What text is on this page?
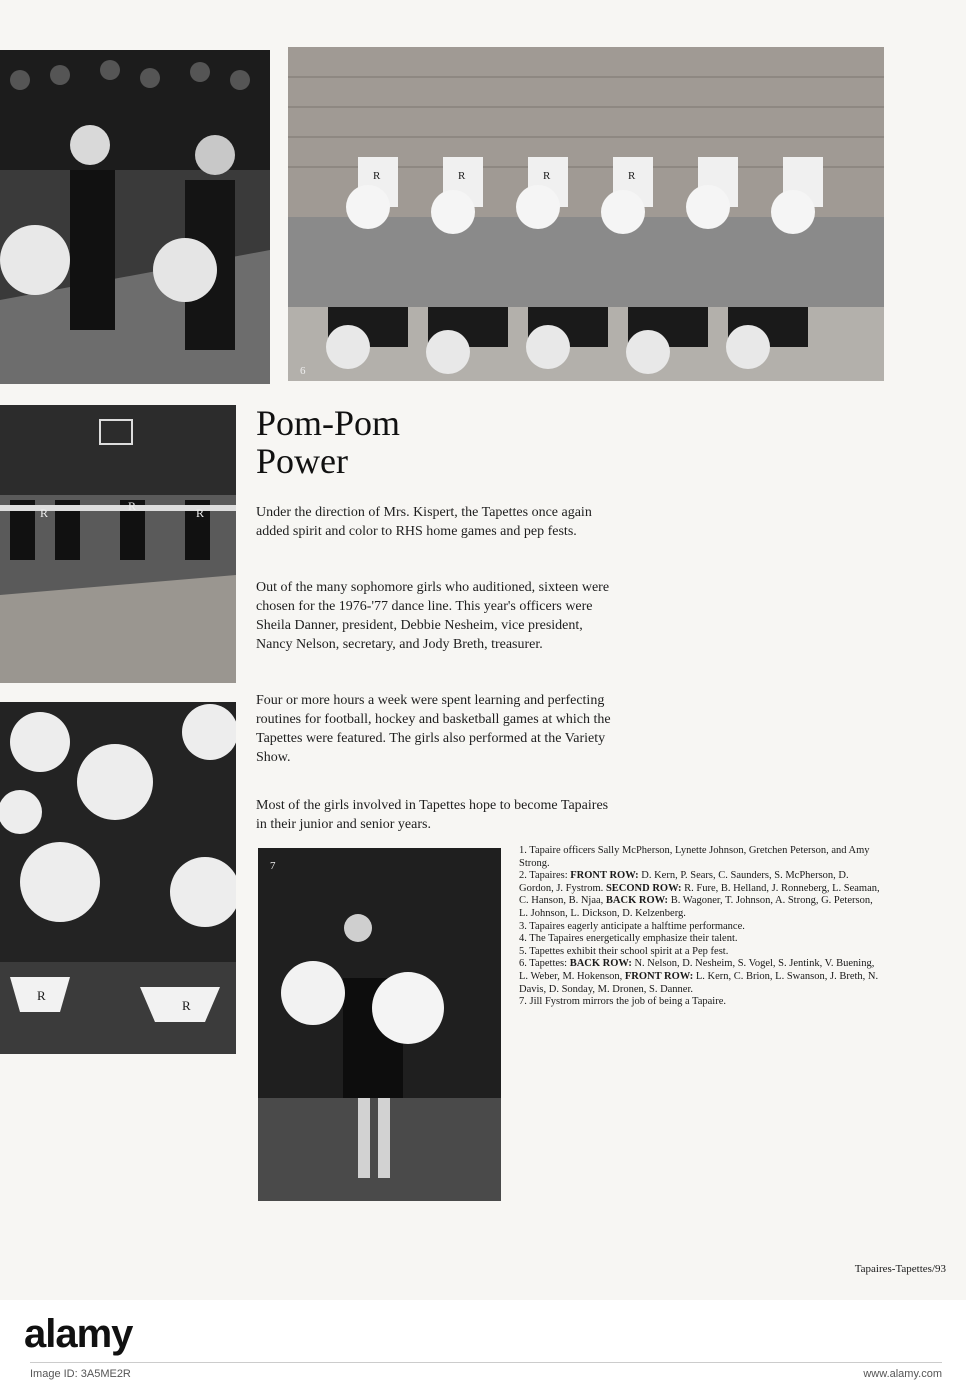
R	R	R	R
6
R	R	R
R
R
7
Pom-Pom
Power

Under the direction of Mrs. Kispert, the Tapettes once again added spirit and color to RHS home games and pep fests.

Out of the many sophomore girls who auditioned, sixteen were chosen for the 1976-'77 dance line. This year's officers were Sheila Danner, president, Debbie Nesheim, vice president, Nancy Nelson, secretary, and Jody Breth, treasurer.

Four or more hours a week were spent learning and perfecting routines for football, hockey and basketball games at which the Tapettes were featured. The girls also performed at the Variety Show.

Most of the girls involved in Tapettes hope to become Tapaires in their junior and senior years.

1. Tapaire officers Sally McPherson, Lynette Johnson, Gretchen Peterson, and Amy Strong.
2. Tapaires: FRONT ROW: D. Kern, P. Sears, C. Saunders, S. McPherson, D. Gordon, J. Fystrom. SECOND ROW: R. Fure, B. Helland, J. Ronneberg, L. Seaman, C. Hanson, B. Njaa, BACK ROW: B. Wagoner, T. Johnson, A. Strong, G. Peterson, L. Johnson, L. Dickson, D. Kelzenberg.
3. Tapaires eagerly anticipate a halftime performance.
4. The Tapaires energetically emphasize their talent.
5. Tapettes exhibit their school spirit at a Pep fest.
6. Tapettes: BACK ROW: N. Nelson, D. Nesheim, S. Vogel, S. Jentink, V. Buening, L. Weber, M. Hokenson, FRONT ROW: L. Kern, C. Brion, L. Swanson, J. Breth, N. Davis, D. Sonday, M. Dronen, S. Danner.
7. Jill Fystrom mirrors the job of being a Tapaire.
Tapaires-Tapettes/93
alamy
Image ID: 3A5ME2R	www.alamy.com
